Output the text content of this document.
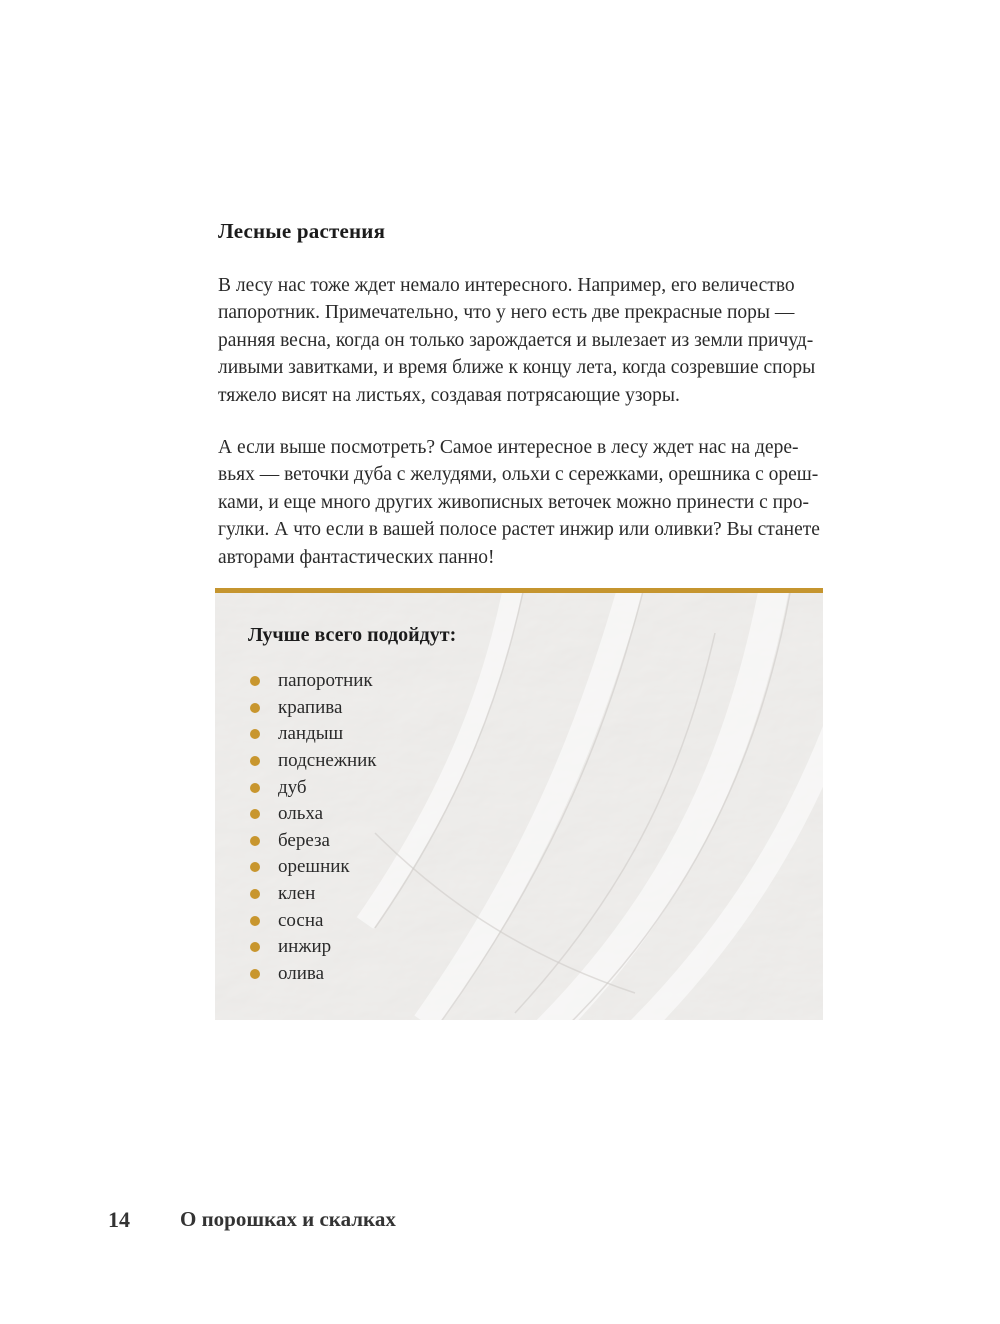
Лесные растения
В лесу нас тоже ждет немало интересного. Например, его величество
папоротник. Примечательно, что у него есть две прекрасные поры —
ранняя весна, когда он только зарождается и вылезает из земли причуд-
ливыми завитками, и время ближе к концу лета, когда созревшие споры
тяжело висят на листьях, создавая потрясающие узоры.
А если выше посмотреть? Самое интересное в лесу ждет нас на дере-
вьях — веточки дуба с желудями, ольхи с сережками, орешника с ореш-
ками, и еще много других живописных веточек можно принести с про-
гулки. А что если в вашей полосе растет инжир или оливки? Вы станете
авторами фантастических панно!
Лучше всего подойдут:
папоротник
крапива
ландыш
подснежник
дуб
ольха
береза
орешник
клен
сосна
инжир
олива
14 О порошках и скалках
